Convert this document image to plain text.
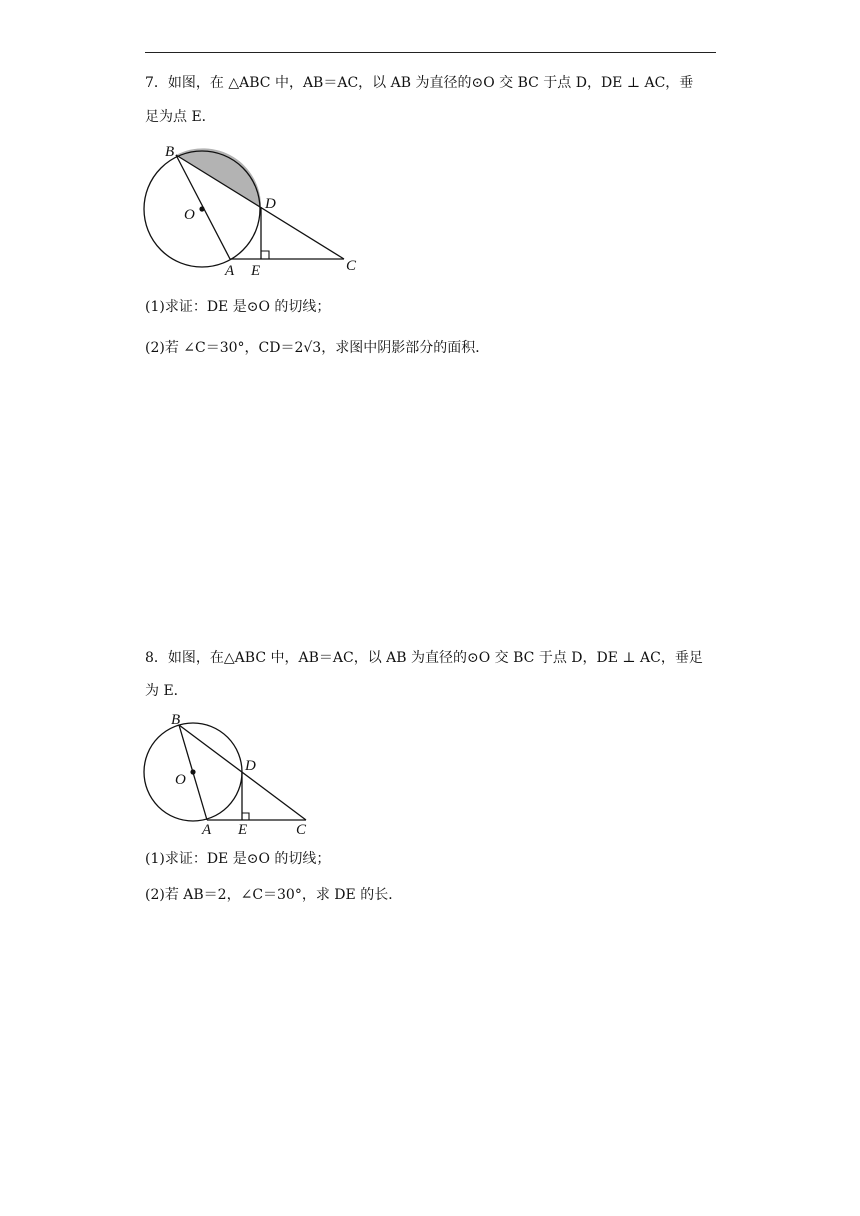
7．如图，在 △ABC 中，AB＝AC，以 AB 为直径的⊙O 交 BC 于点 D，DE ⊥ AC，垂
足为点 E．
B
O
D
A E	C
(1)求证：DE 是⊙O 的切线；
(2)若 ∠C＝30°，CD＝2√3，求图中阴影部分的面积．
8．如图，在△ABC 中，AB＝AC，以 AB 为直径的⊙O 交 BC 于点 D，DE ⊥ AC，垂足
为 E．
B
O
D
A E	C
(1)求证：DE 是⊙O 的切线；
(2)若 AB＝2，∠C＝30°，求 DE 的长．
